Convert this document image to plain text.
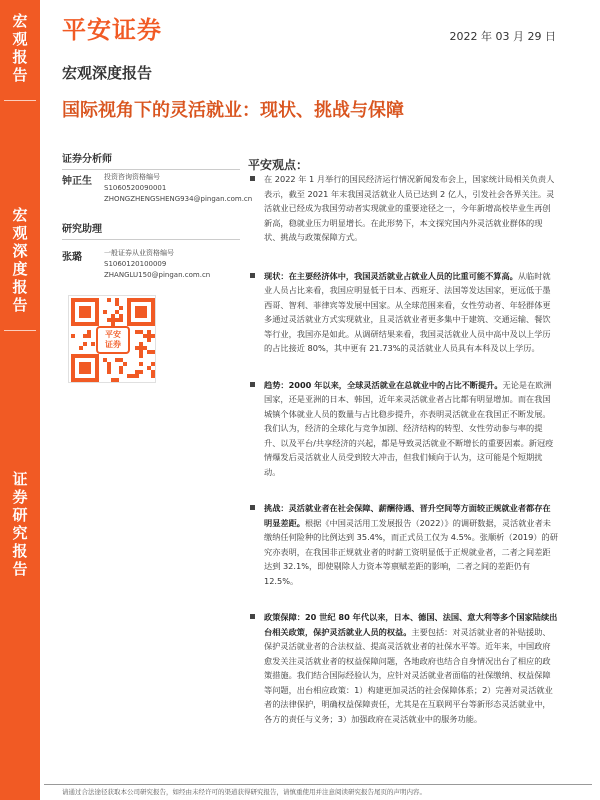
宏
观
报
告
宏
观
深
度
报
告
证
券
研
究
报
告
平安证券	2022 年 03 月 29 日
宏观深度报告
国际视角下的灵活就业：现状、挑战与保障
证券分析师
钟正生 投资咨询资格编号
S1060520090001
ZHONGZHENGSHENG934@pingan.com.cn
研究助理
张璐	一般证券从业资格编号
S1060120100009
ZHANGLU150@pingan.com.cn
平安
证券
平安观点：
在 2022 年 1 月举行的国民经济运行情况新闻发布会上，国家统计局相关负责人表示，截至 2021 年末我国灵活就业人员已达到 2 亿人，引发社会各界关注。灵活就业已经成为我国劳动者实现就业的重要途径之一，今年新增高校毕业生再创新高，稳就业压力明显增长。在此形势下，本文探究国内外灵活就业群体的现状、挑战与政策保障方式。
现状：在主要经济体中，我国灵活就业占就业人员的比重可能不算高。从临时就业人员占比来看，我国应明显低于日本、西班牙、法国等发达国家，更远低于墨西哥、智利、菲律宾等发展中国家。从全球范围来看，女性劳动者、年轻群体更多通过灵活就业方式实现就业，且灵活就业者更多集中于建筑、交通运输、餐饮等行业，我国亦是如此。从调研结果来看，我国灵活就业人员中高中及以上学历的占比接近 80%，其中更有 21.73%的灵活就业人员具有本科及以上学历。
趋势：2000 年以来，全球灵活就业在总就业中的占比不断提升。无论是在欧洲国家，还是亚洲的日本、韩国，近年来灵活就业者占比都有明显增加。而在我国城镇个体就业人员的数量与占比稳步提升，亦表明灵活就业在我国正不断发展。我们认为，经济的全球化与竞争加剧、经济结构的转型、女性劳动参与率的提升、以及平台/共享经济的兴起，都是导致灵活就业不断增长的重要因素。新冠疫情爆发后灵活就业人员受到较大冲击，但我们倾向于认为，这可能是个短期扰动。
挑战：灵活就业者在社会保障、薪酬待遇、晋升空间等方面较正规就业者都存在明显差距。根据《中国灵活用工发展报告（2022）》的调研数据，灵活就业者未缴纳任何险种的比例达到 35.4%，而正式员工仅为 4.5%。张顺析（2019）的研究亦表明，在我国非正规就业者的时薪工资明显低于正规就业者，二者之间差距达到 32.1%，即使剔除人力资本等禀赋差距的影响，二者之间的差距仍有 12.5%。
政策保障：20 世纪 80 年代以来，日本、德国、法国、意大利等多个国家陆续出台相关政策，保护灵活就业人员的权益。主要包括：对灵活就业者的补贴援助、保护灵活就业者的合法权益、提高灵活就业者的社保水平等。近年来，中国政府愈发关注灵活就业者的权益保障问题，各地政府也结合自身情况出台了相应的政策措施。我们结合国际经验认为，应针对灵活就业者面临的社保缴纳、权益保障等问题，出台相应政策：1）构建更加灵活的社会保障体系；2）完善对灵活就业者的法律保护，明确权益保障责任，尤其是在互联网平台等新形态灵活就业中，各方的责任与义务；3）加强政府在灵活就业中的服务功能。
请通过合法途径获取本公司研究报告，如经由未经许可的渠道获得研究报告，请慎重使用并注意阅读研究报告尾页的声明内容。
